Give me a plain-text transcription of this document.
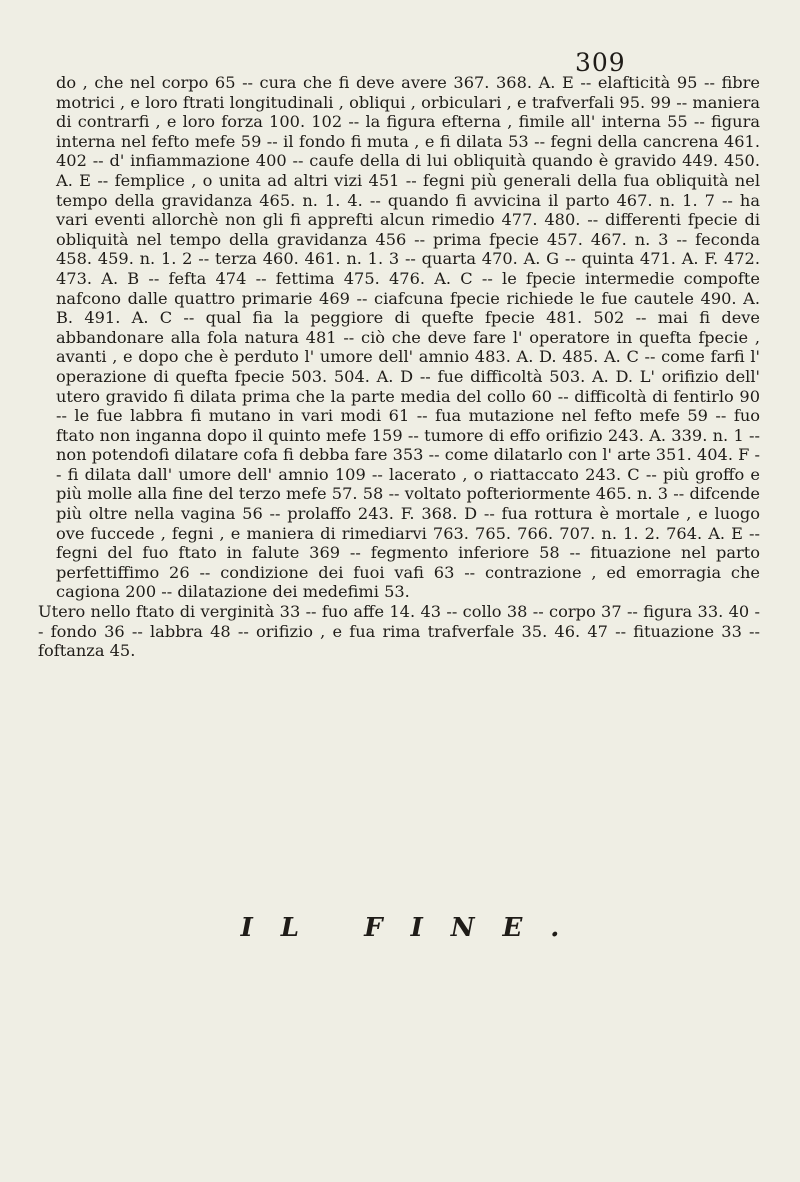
309

do , che nel corpo 65 -- cura che fi deve avere 367. 368. A. E -- elafticità 95 -- fibre motrici , e loro ftrati longitudinali , obliqui , orbiculari , e trafverfali 95. 99 -- maniera di contrarfi , e loro forza 100. 102 -- la figura efterna , fimile all' interna 55 -- figura interna nel fefto mefe 59 -- il fondo fi muta , e fi dilata 53 -- fegni della cancrena 461. 402 -- d' infiammazione 400 -- caufe della di lui obliquità quando è gravido 449. 450. A. E -- femplice , o unita ad altri vizi 451 -- fegni più generali della fua obliquità nel tempo della gravidanza 465. n. 1. 4. -- quando fi avvicina il parto 467. n. 1. 7 -- ha vari eventi allorchè non gli fi apprefti alcun rimedio 477. 480. -- differenti fpecie di obliquità nel tempo della gravidanza 456 -- prima fpecie 457. 467. n. 3 -- feconda 458. 459. n. 1. 2 -- terza 460. 461. n. 1. 3 -- quarta 470. A. G -- quinta 471. A. F. 472. 473. A. B -- fefta 474 -- fettima 475. 476. A. C -- le fpecie intermedie compofte nafcono dalle quattro primarie 469 -- ciafcuna fpecie richiede le fue cautele 490. A. B. 491. A. C -- qual fia la peggiore di quefte fpecie 481. 502 -- mai fi deve abbandonare alla fola natura 481 -- ciò che deve fare l' operatore in quefta fpecie , avanti , e dopo che è perduto l' umore dell' amnio 483. A. D. 485. A. C -- come farfi l' operazione di quefta fpecie 503. 504. A. D -- fue difficoltà 503. A. D. L' orifizio dell' utero gravido fi dilata prima che la parte media del collo 60 -- difficoltà di fentirlo 90 -- le fue labbra fi mutano in vari modi 61 -- fua mutazione nel fefto mefe 59 -- fuo ftato non inganna dopo il quinto mefe 159 -- tumore di effo orifizio 243. A. 339. n. 1 -- non potendofi dilatare cofa fi debba fare 353 -- come dilatarlo con l' arte 351. 404. F -- fi dilata dall' umore dell' amnio 109 -- lacerato , o riattaccato 243. C -- più groffo e più molle alla fine del terzo mefe 57. 58 -- voltato pofteriormente 465. n. 3 -- difcende più oltre nella vagina 56 -- prolaffo 243. F. 368. D -- fua rottura è mortale , e luogo ove fuccede , fegni , e maniera di rimediarvi 763. 765. 766. 707. n. 1. 2. 764. A. E -- fegni del fuo ftato in falute 369 -- fegmento inferiore 58 -- fituazione nel parto perfettiffimo 26 -- condizione dei fuoi vafi 63 -- contrazione , ed emorragia che cagiona 200 -- dilatazione dei medefimi 53.

Utero nello ftato di verginità 33 -- fuo affe 14. 43 -- collo 38 -- corpo 37 -- figura 33. 40 -- fondo 36 -- labbra 48 -- orifizio , e fua rima trafverfale 35. 46. 47 -- fituazione 33 -- foftanza 45.

IL FINE.
